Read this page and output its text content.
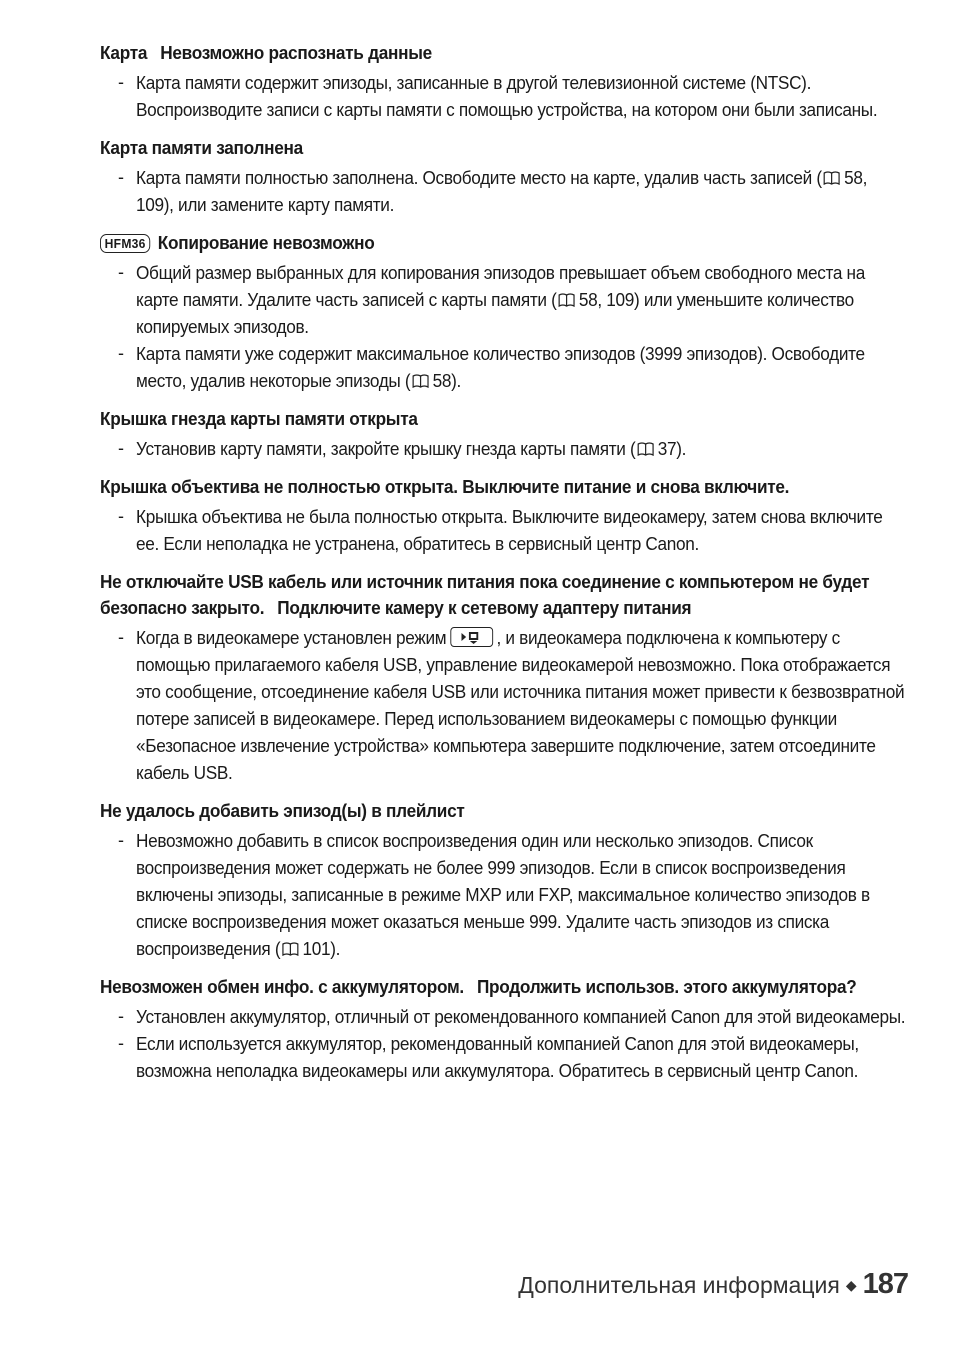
Карта Невозможно распознать данные
- Карта памяти содержит эпизоды, записанные в другой телевизионной системе (NTSC). Воспроизводите записи с карты памяти с помощью устройства, на котором они были записаны.
Карта памяти заполнена
- Карта памяти полностью заполнена. Освободите место на карте, удалив часть записей ( 58, 109), или замените карту памяти.
HFM36 Копирование невозможно
- Общий размер выбранных для копирования эпизодов превышает объем свободного места на карте памяти. Удалите часть записей с карты памяти ( 58, 109) или уменьшите количество копируемых эпизодов.
- Карта памяти уже содержит максимальное количество эпизодов (3999 эпизодов). Освободите место, удалив некоторые эпизоды ( 58).
Крышка гнезда карты памяти открыта
- Установив карту памяти, закройте крышку гнезда карты памяти ( 37).
Крышка объектива не полностью открыта. Выключите питание и снова включите.
- Крышка объектива не была полностью открыта. Выключите видеокамеру, затем снова включите ее. Если неполадка не устранена, обратитесь в сервисный центр Canon.
Не отключайте USB кабель или источник питания пока соединение с компьютером не будет безопасно закрыто. Подключите камеру к сетевому адаптеру питания
- Когда в видеокамере установлен режим	, и видеокамера подключена к компьютеру с помощью прилагаемого кабеля USB, управление видеокамерой невозможно. Пока отображается это сообщение, отсоединение кабеля USB или источника питания может привести к безвозвратной потере записей в видеокамере. Перед использованием видеокамеры с помощью функции «Безопасное извлечение устройства» компьютера завершите подключение, затем отсоедините кабель USB.
Не удалось добавить эпизод(ы) в плейлист
- Невозможно добавить в список воспроизведения один или несколько эпизодов. Список воспроизведения может содержать не более 999 эпизодов. Если в список воспроизведения включены эпизоды, записанные в режиме MXP или FXP, максимальное количество эпизодов в списке воспроизведения может оказаться меньше 999. Удалите часть эпизодов из списка воспроизведения ( 101).
Невозможен обмен инфо. с аккумулятором. Продолжить использов. этого аккумулятора?
- Установлен аккумулятор, отличный от рекомендованного компанией Canon для этой видеокамеры.
- Если используется аккумулятор, рекомендованный компанией Canon для этой видеокамеры, возможна неполадка видеокамеры или аккумулятора. Обратитесь в сервисный центр Canon.
Дополнительная информация ◆ 187
